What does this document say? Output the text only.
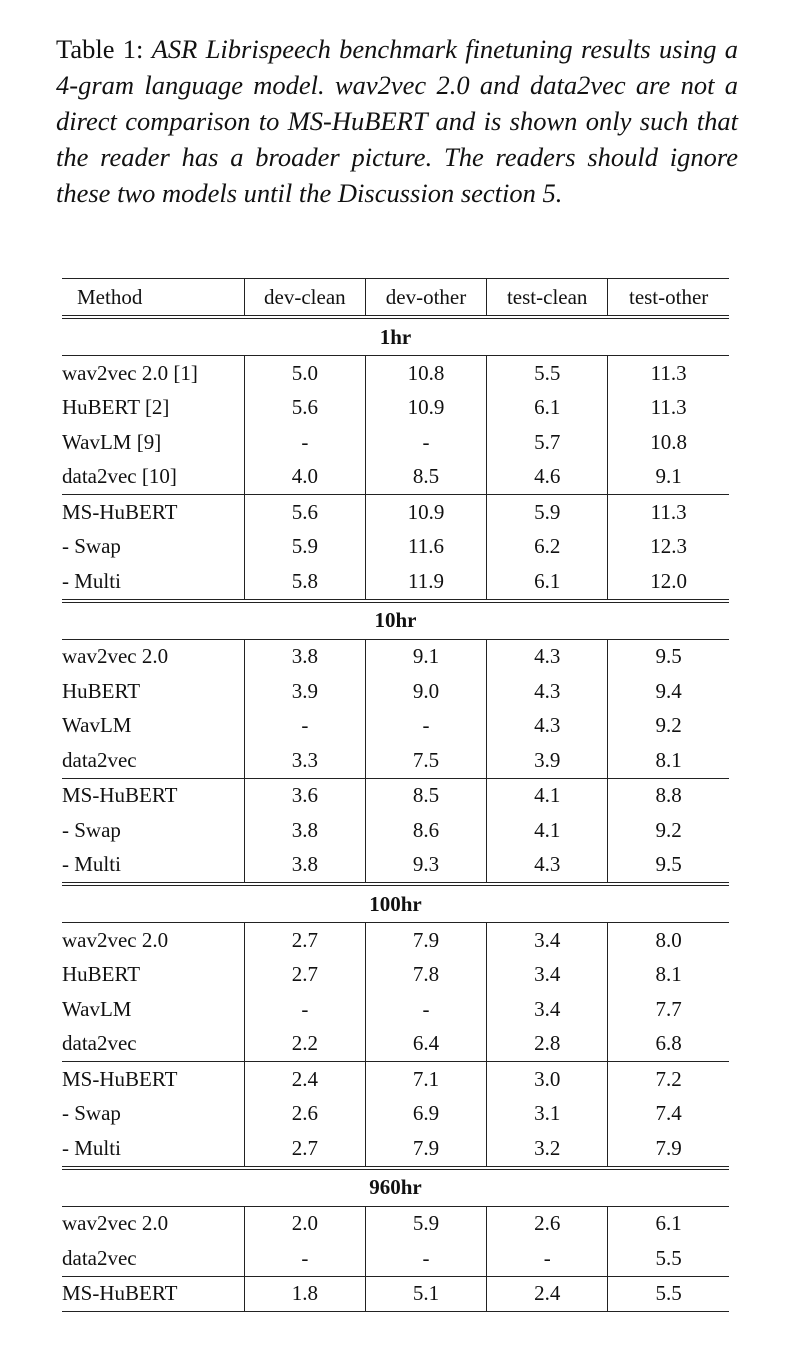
Table 1: ASR Librispeech benchmark finetuning results using a 4-gram language model. wav2vec 2.0 and data2vec are not a direct comparison to MS-HuBERT and is shown only such that the reader has a broader picture. The readers should ignore these two models until the Discussion section 5.
Method	dev-clean	dev-other	test-clean	test-other
1hr				
wav2vec 2.0 [1]	5.0	10.8	5.5	11.3
HuBERT [2]	5.6	10.9	6.1	11.3
WavLM [9]	-	-	5.7	10.8
data2vec [10]	4.0	8.5	4.6	9.1
MS-HuBERT	5.6	10.9	5.9	11.3
- Swap	5.9	11.6	6.2	12.3
- Multi	5.8	11.9	6.1	12.0
10hr				
wav2vec 2.0	3.8	9.1	4.3	9.5
HuBERT	3.9	9.0	4.3	9.4
WavLM	-	-	4.3	9.2
data2vec	3.3	7.5	3.9	8.1
MS-HuBERT	3.6	8.5	4.1	8.8
- Swap	3.8	8.6	4.1	9.2
- Multi	3.8	9.3	4.3	9.5
100hr				
wav2vec 2.0	2.7	7.9	3.4	8.0
HuBERT	2.7	7.8	3.4	8.1
WavLM	-	-	3.4	7.7
data2vec	2.2	6.4	2.8	6.8
MS-HuBERT	2.4	7.1	3.0	7.2
- Swap	2.6	6.9	3.1	7.4
- Multi	2.7	7.9	3.2	7.9
960hr				
wav2vec 2.0	2.0	5.9	2.6	6.1
data2vec	-	-	-	5.5
MS-HuBERT	1.8	5.1	2.4	5.5
